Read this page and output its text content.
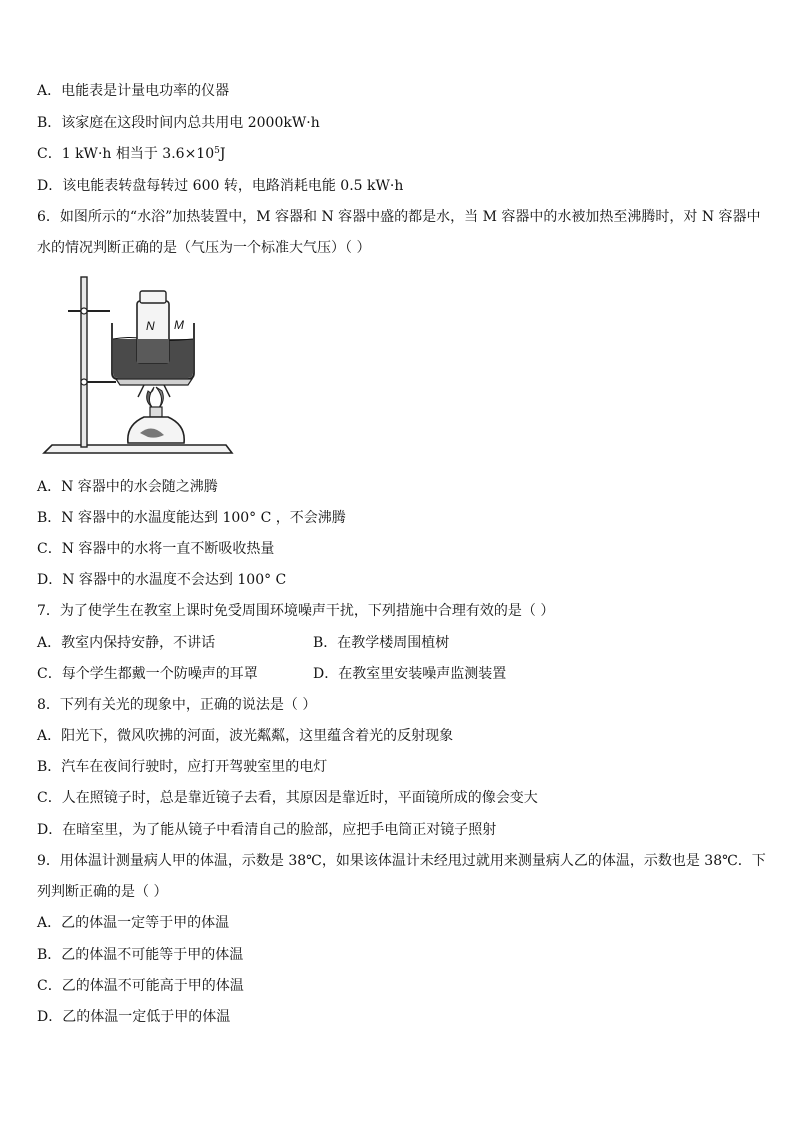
A．电能表是计量电功率的仪器
B．该家庭在这段时间内总共用电 2000kW·h
C．1 kW·h 相当于 $3.6\times 10^5J$
D．该电能表转盘每转过 600 转，电路消耗电能 0.5 kW·h
6．如图所示的“水浴”加热装置中，M 容器和 N 容器中盛的都是水，当 M 容器中的水被加热至沸腾时，对 N 容器中
水的情况判断正确的是（气压为一个标准大气压）（ ）
N M
A．N 容器中的水会随之沸腾
B．N 容器中的水温度能达到 100° C ，不会沸腾
C．N 容器中的水将一直不断吸收热量
D．N 容器中的水温度不会达到 100° C
7．为了使学生在教室上课时免受周围环境噪声干扰，下列措施中合理有效的是（ ）
A．教室内保持安静，不讲话	B．在教学楼周围植树
C．每个学生都戴一个防噪声的耳罩	D．在教室里安装噪声监测装置
8．下列有关光的现象中，正确的说法是（ ）
A．阳光下，微风吹拂的河面，波光粼粼，这里蕴含着光的反射现象
B．汽车在夜间行驶时，应打开驾驶室里的电灯
C．人在照镜子时，总是靠近镜子去看，其原因是靠近时，平面镜所成的像会变大
D．在暗室里，为了能从镜子中看清自己的脸部，应把手电筒正对镜子照射
9．用体温计测量病人甲的体温，示数是 38℃，如果该体温计未经甩过就用来测量病人乙的体温，示数也是 38℃．下
列判断正确的是（ ）
A．乙的体温一定等于甲的体温
B．乙的体温不可能等于甲的体温
C．乙的体温不可能高于甲的体温
D．乙的体温一定低于甲的体温
